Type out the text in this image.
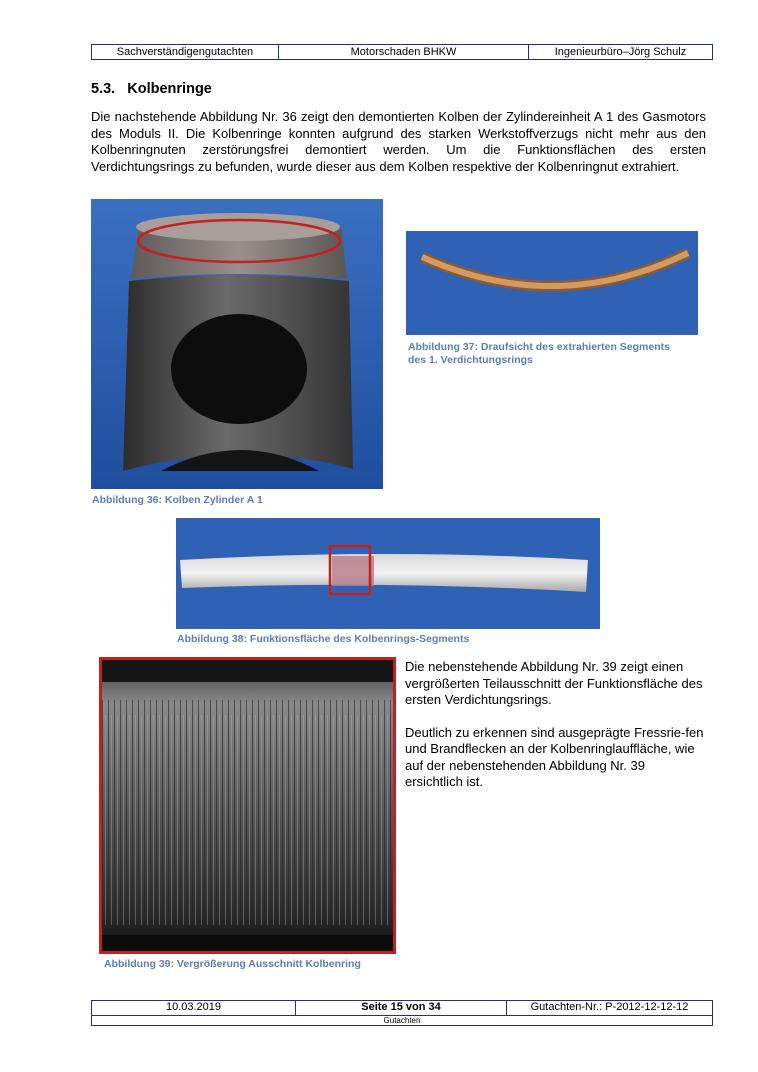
Sachverständigengutachten	Motorschaden BHKW	Ingenieurbüro–Jörg Schulz
5.3. Kolbenringe
Die nachstehende Abbildung Nr. 36 zeigt den demontierten Kolben der Zylindereinheit A 1 des Gasmotors des Moduls II. Die Kolbenringe konnten aufgrund des starken Werkstoffverzugs nicht mehr aus den Kolbenringnuten zerstörungsfrei demontiert werden. Um die Funktionsflächen des ersten Verdichtungsrings zu befunden, wurde dieser aus dem Kolben respektive der Kolbenringnut extrahiert.
Abbildung 36: Kolben Zylinder A 1
Abbildung 37: Draufsicht des extrahierten Segments
des 1. Verdichtungsrings
Abbildung 38: Funktionsfläche des Kolbenrings-Segments
Abbildung 39: Vergrößerung Ausschnitt Kolbenring

Die nebenstehende Abbildung Nr. 39 zeigt einen vergrößerten Teilausschnitt der Funktionsfläche des ersten Verdichtungsrings.

Deutlich zu erkennen sind ausgeprägte Fressrie-fen und Brandflecken an der Kolbenringlauffläche, wie auf der nebenstehenden Abbildung Nr. 39 ersichtlich ist.

10.03.2019	Seite 15 von 34	Gutachten-Nr.: P-2012-12-12-12
Gutachten
